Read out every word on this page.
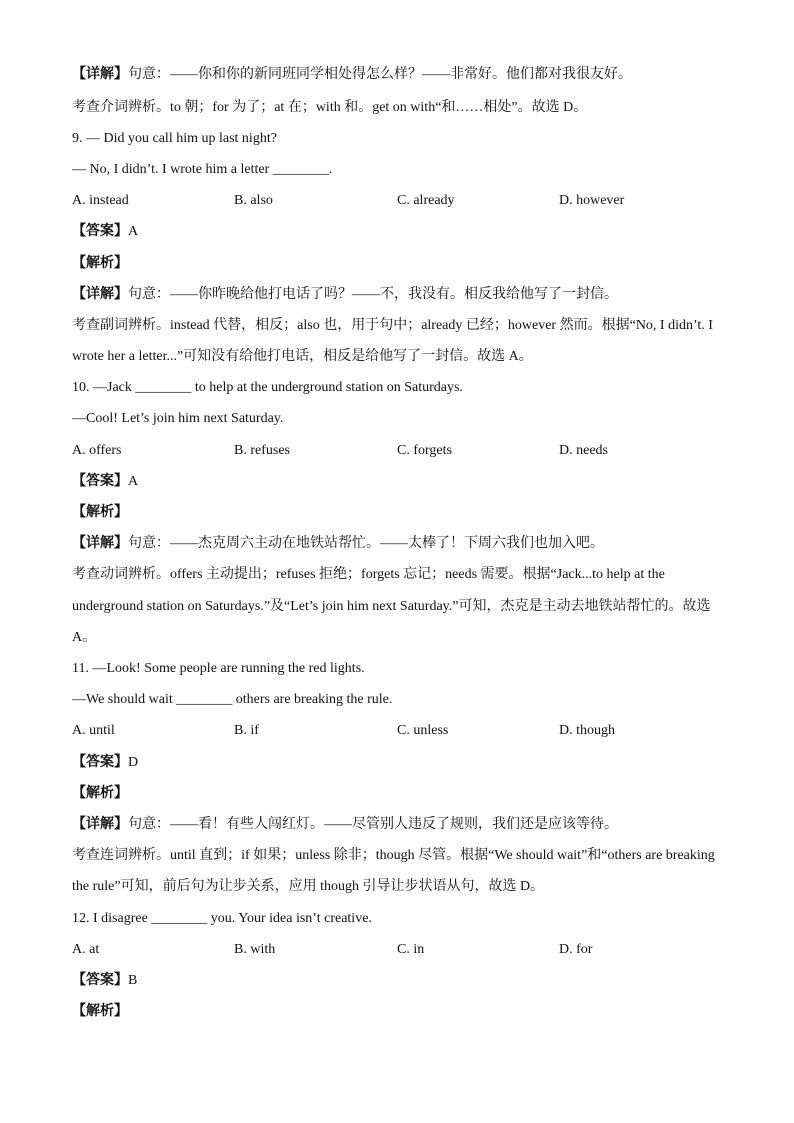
【详解】句意：——你和你的新同班同学相处得怎么样？——非常好。他们都对我很友好。
考查介词辨析。to 朝；for 为了；at 在；with 和。get on with“和……相处”。故选 D。
9. — Did you call him up last night?
— No, I didn’t. I wrote him a letter ________.
A. instead	B. also	C. already	D. however
【答案】A
【解析】
【详解】句意：——你昨晚给他打电话了吗？——不，我没有。相反我给他写了一封信。
考查副词辨析。instead 代替，相反；also 也，用于句中；already 已经；however 然而。根据“No, I didn’t. I
wrote her a letter...”可知没有给他打电话，相反是给他写了一封信。故选 A。
10. —Jack ________ to help at the underground station on Saturdays.
—Cool! Let’s join him next Saturday.
A. offers	B. refuses	C. forgets	D. needs
【答案】A
【解析】
【详解】句意：——杰克周六主动在地铁站帮忙。——太棒了！下周六我们也加入吧。
考查动词辨析。offers 主动提出；refuses 拒绝；forgets 忘记；needs 需要。根据“Jack...to help at the
underground station on Saturdays.”及“Let’s join him next Saturday.”可知，杰克是主动去地铁站帮忙的。故选
A。
11. —Look! Some people are running the red lights.
—We should wait ________ others are breaking the rule.
A. until	B. if	C. unless	D. though
【答案】D
【解析】
【详解】句意：——看！有些人闯红灯。——尽管别人违反了规则，我们还是应该等待。
考查连词辨析。until 直到；if 如果；unless 除非；though 尽管。根据“We should wait”和“others are breaking
the rule”可知，前后句为让步关系，应用 though 引导让步状语从句，故选 D。
12. I disagree ________ you. Your idea isn’t creative.
A. at	B. with	C. in	D. for
【答案】B
【解析】
